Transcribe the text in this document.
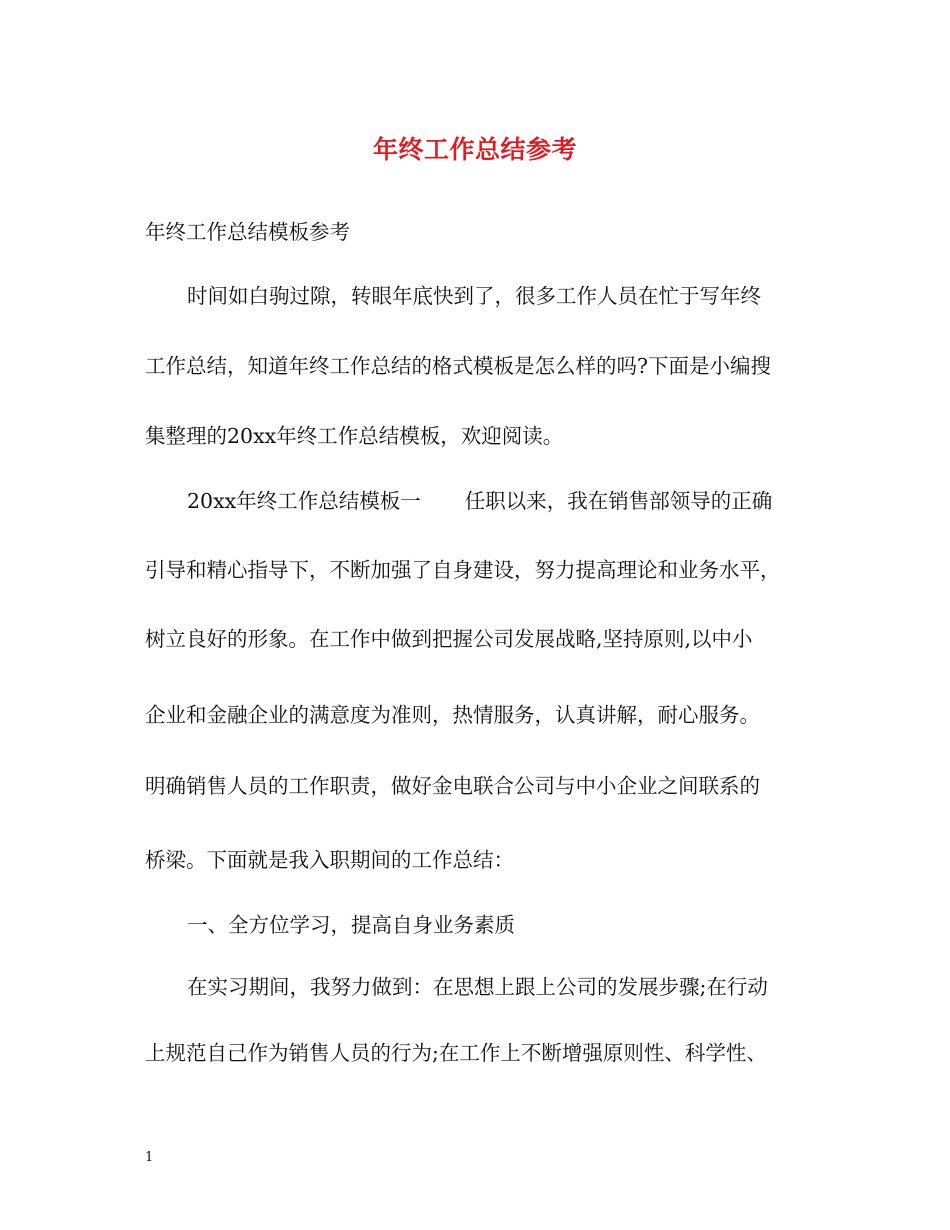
年终工作总结参考
年终工作总结模板参考
时间如白驹过隙，转眼年底快到了，很多工作人员在忙于写年终
工作总结，知道年终工作总结的格式模板是怎么样的吗?下面是小编搜
集整理的20xx年终工作总结模板，欢迎阅读。
20xx年终工作总结模板一 任职以来，我在销售部领导的正确
引导和精心指导下，不断加强了自身建设，努力提高理论和业务水平，
树立良好的形象。在工作中做到把握公司发展战略,坚持原则,以中小
企业和金融企业的满意度为准则，热情服务，认真讲解，耐心服务。
明确销售人员的工作职责，做好金电联合公司与中小企业之间联系的
桥梁。下面就是我入职期间的工作总结：
一、全方位学习，提高自身业务素质
在实习期间，我努力做到：在思想上跟上公司的发展步骤;在行动
上规范自己作为销售人员的行为;在工作上不断增强原则性、科学性、
1
